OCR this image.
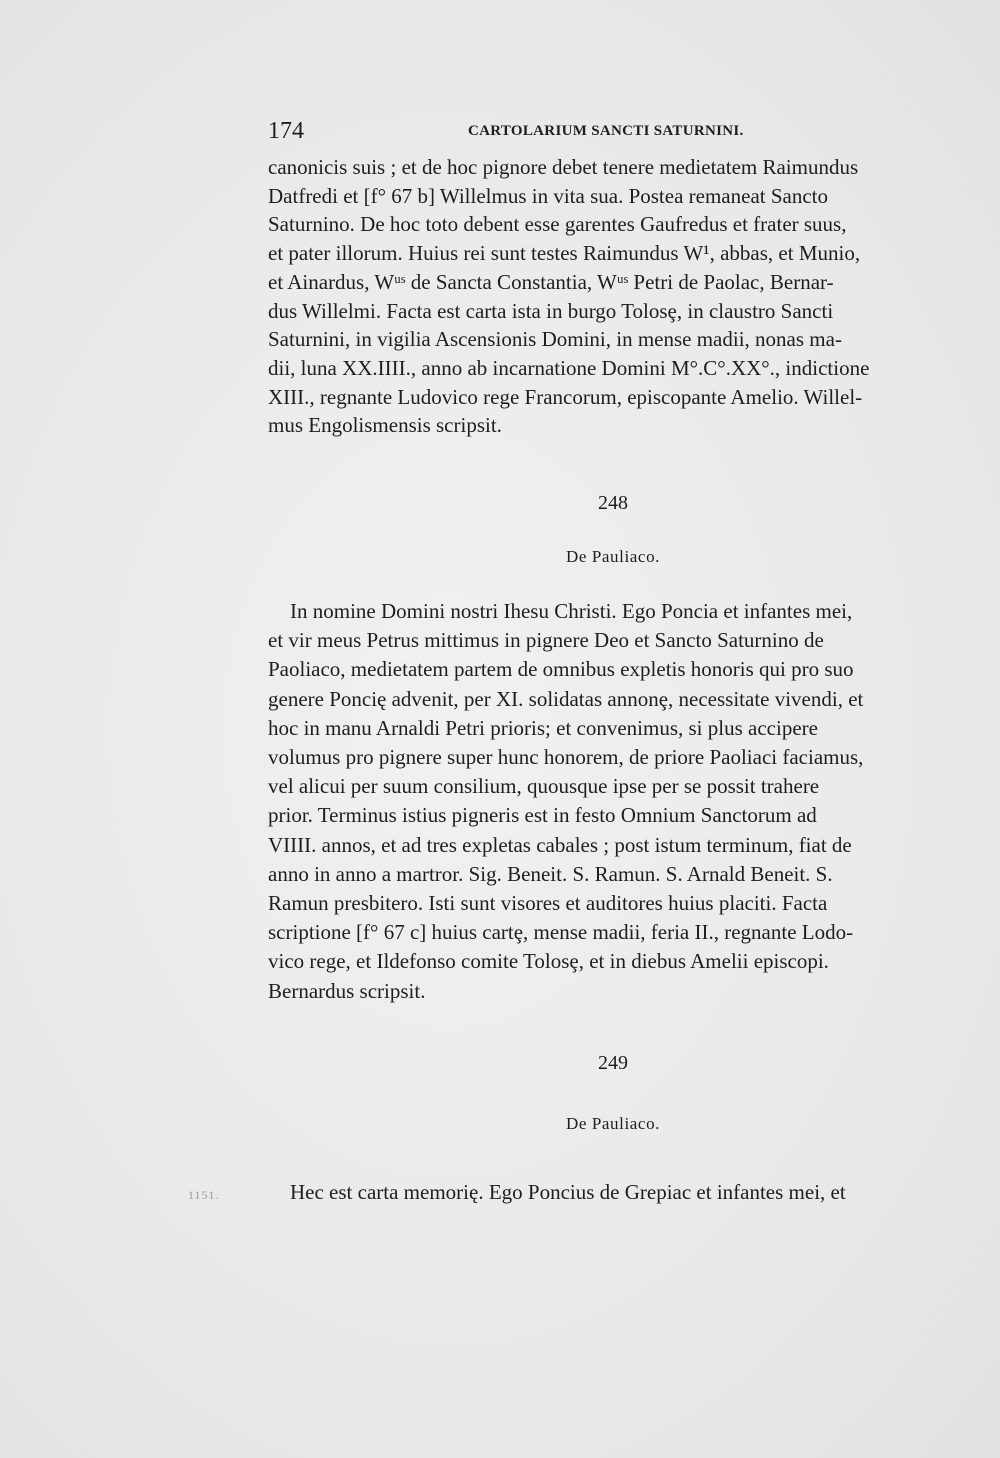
174	CARTOLARIUM SANCTI SATURNINI.
canonicis suis ; et de hoc pignore debet tenere medietatem Raimundus
Datfredi et [f° 67 b] Willelmus in vita sua. Postea remaneat Sancto
Saturnino. De hoc toto debent esse garentes Gaufredus et frater suus,
et pater illorum. Huius rei sunt testes Raimundus W¹, abbas, et Munio,
et Ainardus, Wᵘˢ de Sancta Constantia, Wᵘˢ Petri de Paolac, Bernar-
dus Willelmi. Facta est carta ista in burgo Tolosȩ, in claustro Sancti
Saturnini, in vigilia Ascensionis Domini, in mense madii, nonas ma-
dii, luna XX.IIII., anno ab incarnatione Domini M°.C°.XX°., indictione
XIII., regnante Ludovico rege Francorum, episcopante Amelio. Willel-
mus Engolismensis scripsit.
248
De Pauliaco.
In nomine Domini nostri Ihesu Christi. Ego Poncia et infantes mei,
et vir meus Petrus mittimus in pignere Deo et Sancto Saturnino de
Paoliaco, medietatem partem de omnibus expletis honoris qui pro suo
genere Poncię advenit, per XI. solidatas annonȩ, necessitate vivendi, et
hoc in manu Arnaldi Petri prioris; et convenimus, si plus accipere
volumus pro pignere super hunc honorem, de priore Paoliaci faciamus,
vel alicui per suum consilium, quousque ipse per se possit trahere
prior. Terminus istius pigneris est in festo Omnium Sanctorum ad
VIIII. annos, et ad tres expletas cabales ; post istum terminum, fiat de
anno in anno a martror. Sig. Beneit. S. Ramun. S. Arnald Beneit. S.
Ramun presbitero. Isti sunt visores et auditores huius placiti. Facta
scriptione [f° 67 c] huius cartȩ, mense madii, feria II., regnante Lodo-
vico rege, et Ildefonso comite Tolosȩ, et in diebus Amelii episcopi.
Bernardus scripsit.
249
De Pauliaco.
1151.	Hec est carta memorię. Ego Poncius de Grepiac et infantes mei, et
